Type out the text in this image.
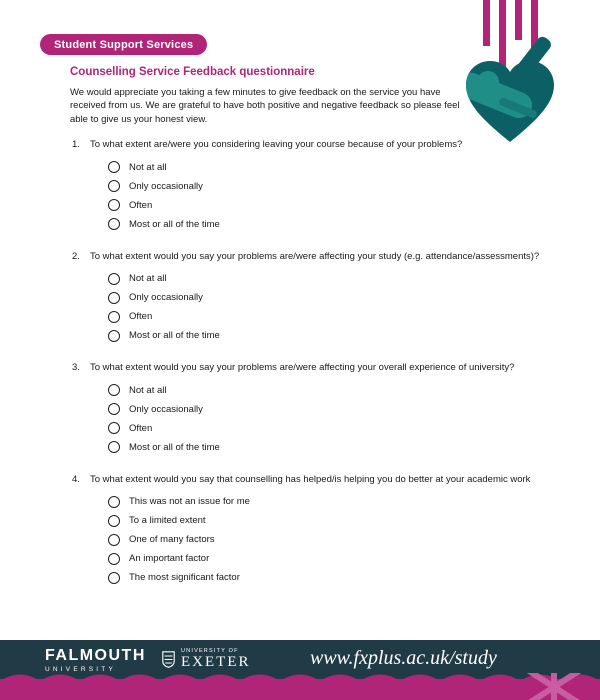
Student Support Services
Counselling Service Feedback questionnaire
We would appreciate you taking a few minutes to give feedback on the service you have received from us. We are grateful to have both positive and negative feedback so please feel able to give us your honest view.
1.	To what extent are/were you considering leaving your course because of your problems?
Not at all
Only occasionally
Often
Most or all of the time
2.	To what extent would you say your problems are/were affecting your study (e.g. attendance/assessments)?
Not at all
Only occasionally
Often
Most or all of the time
3.	To what extent would you say your problems are/were affecting your overall experience of university?
Not at all
Only occasionally
Often
Most or all of the time
4.	To what extent would you say that counselling has helped/is helping you do better at your academic work
This was not an issue for me
To a limited extent
One of many factors
An important factor
The most significant factor
FALMOUTH
UNIVERSITY
UNIVERSITY OF
EXETER	www.fxplus.ac.uk/study
